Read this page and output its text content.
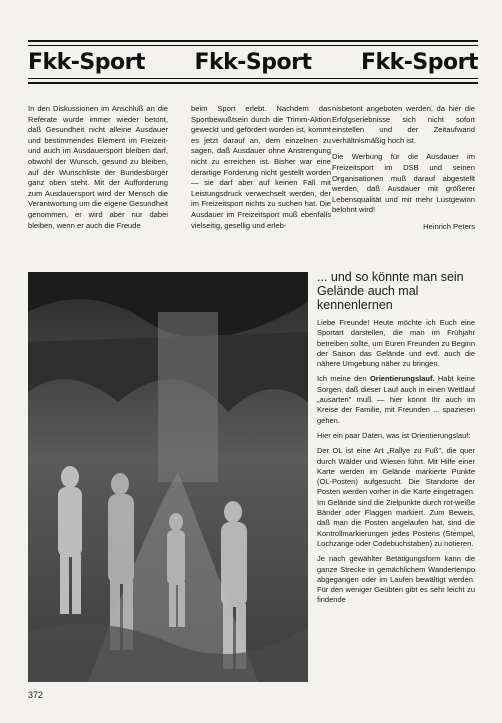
Fkk-Sport Fkk-Sport Fkk-Sport

In den Diskussionen im Anschluß an die Referate wurde immer wieder betont, daß Gesundheit nicht alleine Ausdauer und bestimmendes Element im Freizeit- und auch im Ausdauersport bleiben darf, obwohl der Wunsch, gesund zu bleiben, auf der Wunschliste der Bundesbürger ganz oben steht. Mit der Aufforderung zum Ausdauersport wird der Mensch die Verantwortung um die eigene Gesundheit genommen, er wird aber nur dabei bleiben, wenn er auch die Freude

beim Sport erlebt. Nachdem das Sportbewußtsein durch die Trimm-Aktion geweckt und gefördert worden ist, kommt es jetzt darauf an, dem einzelnen zu sagen, daß Ausdauer ohne Anstrengung nicht zu erreichen ist. Bisher war eine derartige Forderung nicht gestellt worden — sie darf aber auf keinen Fall mit Leistungsdruck verwechselt werden, der im Freizeitsport nichts zu suchen hat. Die Ausdauer im Freizeitsport muß ebenfalls vielseitig, gesellig und erleb-

nisbetont angeboten werden, da hier die Erfolgserlebnisse sich nicht sofort einstellen und der Zeitaufwand verhältnismäßig hoch ist.

Die Werbung für die Ausdauer im Freizeitsport im DSB und seinen Organisationen muß darauf abgestellt werden, daß Ausdauer mit größerer Lebensqualität und mit mehr Lustgewinn belohnt wird!

Heinrich Peters

... und so könnte man sein Gelände auch mal kennenlernen

Liebe Freunde! Heute möchte ich Euch eine Sportart darstellen, die man im Frühjahr betreiben sollte, um Euren Freunden zu Beginn der Saison das Gelände und evtl. auch die nähere Umgebung näher zu bringen.

Ich meine den Orientierungslauf. Habt keine Sorgen, daß dieser Lauf auch in einen Wettlauf „ausarten" muß — hier könnt Ihr auch im Kreise der Familie, mit Freunden ... spazieren gehen.

Hier ein paar Daten, was ist Orientierungslauf:

Der OL ist eine Art „Rallye zu Fuß", die quer durch Wälder und Wiesen führt. Mit Hilfe einer Karte werden im Gelände markierte Punkte (OL-Posten) aufgesucht. Die Standorte der Posten werden vorher in die Karte eingetragen. Im Gelände sind die Zielpunkte durch rot-weiße Bänder oder Flaggen markiert. Zum Beweis, daß man die Posten angelaufen hat, sind die Kontrollmarkierungen jedes Postens (Stempel, Lochzange oder Codebuchstaben) zu notieren.

Je nach gewählter Betätigungsform kann die ganze Strecke in gemächlichem Wandertempo abgegangen oder im Laufen bewältigt werden. Für den weniger Geübten gibt es sehr leicht zu findende

372
